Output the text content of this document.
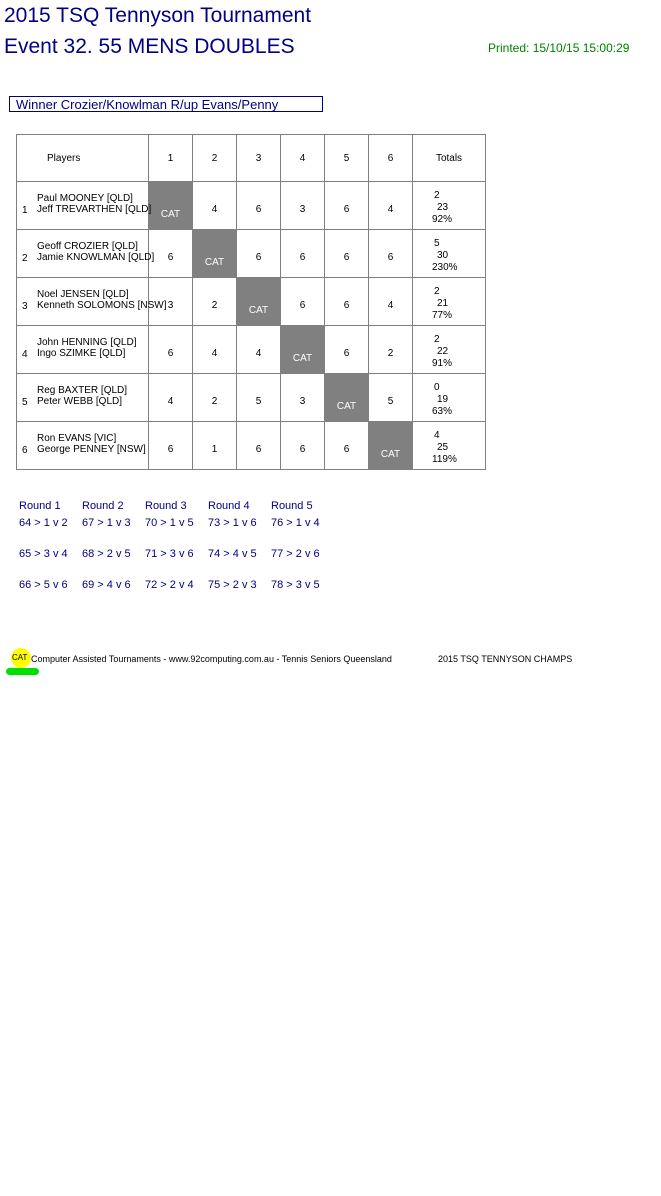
2015 TSQ Tennyson Tournament
Event 32. 55 MENS DOUBLES	Printed: 15/10/15 15:00:29
Winner Crozier/Knowlman R/up Evans/Penny
Players	1	2	3	4	5	6	Totals

1
Paul MOONEY [QLD]
Jeff TREVARTHEN [QLD]	CAT	4	6	3	6	4	2
23
92%

2
Geoff CROZIER [QLD]
Jamie KNOWLMAN [QLD]	6	CAT	6	6	6	6	5
30
230%

3
Noel JENSEN [QLD]
Kenneth SOLOMONS [NSW]	3	2	CAT	6	6	4	2
21
77%

4
John HENNING [QLD]
Ingo SZIMKE [QLD]	6	4	4	CAT	6	2	2
22
91%

5
Reg BAXTER [QLD]
Peter WEBB [QLD]	4	2	5	3	CAT	5	0
19
63%

6
Ron EVANS [VIC]
George PENNEY [NSW]	6	1	6	6	6	CAT	4
25
119%
Round 1
64 > 1 v 2
65 > 3 v 4
66 > 5 v 6
Round 2
67 > 1 v 3
68 > 2 v 5
69 > 4 v 6
Round 3
70 > 1 v 5
71 > 3 v 6
72 > 2 v 4
Round 4
73 > 1 v 6
74 > 4 v 5
75 > 2 v 3
Round 5
76 > 1 v 4
77 > 2 v 6
78 > 3 v 5
CAT Computer Assisted Tournaments - www.92computing.com.au - Tennis Seniors Queensland	2015 TSQ TENNYSON CHAMPS
